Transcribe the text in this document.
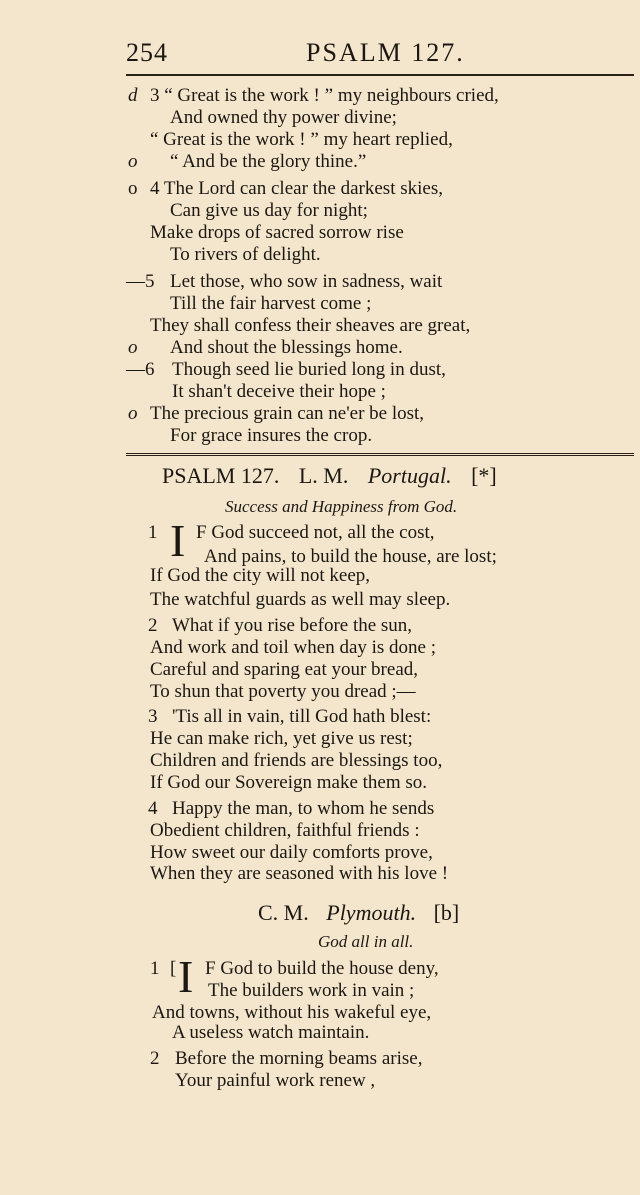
254	PSALM 127.
d 3 “ Great is the work ! ” my neighbours cried,
And owned thy power divine;
“ Great is the work ! ” my heart replied,
o “ And be the glory thine.”
o 4 The Lord can clear the darkest skies,
Can give us day for night;
Make drops of sacred sorrow rise
To rivers of delight.
—5 Let those, who sow in sadness, wait
Till the fair harvest come ;
They shall confess their sheaves are great,
o And shout the blessings home.
—6 Though seed lie buried long in dust,
It shan't deceive their hope ;
o The precious grain can ne'er be lost,
For grace insures the crop.
PSALM 127. L. M. Portugal. [*]
Success and Happiness from God.
1 I F God succeed not, all the cost,
And pains, to build the house, are lost;
If God the city will not keep,
The watchful guards as well may sleep.
2 What if you rise before the sun,
And work and toil when day is done ;
Careful and sparing eat your bread,
To shun that poverty you dread ;—
3 'Tis all in vain, till God hath blest:
He can make rich, yet give us rest;
Children and friends are blessings too,
If God our Sovereign make them so.
4 Happy the man, to whom he sends
Obedient children, faithful friends :
How sweet our daily comforts prove,
When they are seasoned with his love !
C. M. Plymouth. [b]
God all in all.
1 [ I F God to build the house deny,
The builders work in vain ;
And towns, without his wakeful eye,
A useless watch maintain.
2 Before the morning beams arise,
Your painful work renew ,
